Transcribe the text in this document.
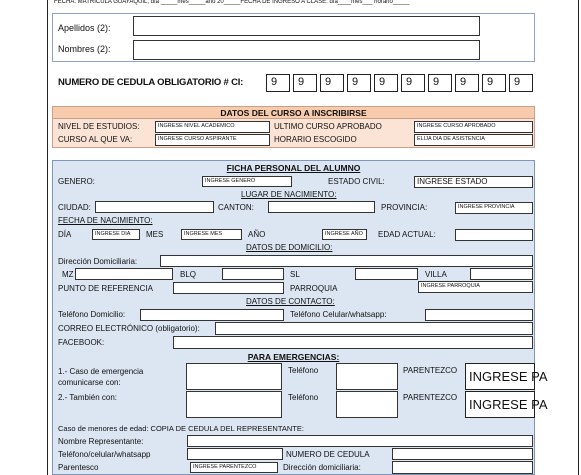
FECHA: MATRICULA GUAYAQUIL, día _____mes_____año 20_____FECHA DE INGRESO A CLASE: día____mes___ horario_____
Apellidos (2):
Nombres (2):
NUMERO DE CEDULA OBLIGATORIO # CI:	9	9	9	9	9	9	9	9	9	9
DATOS DEL CURSO A INSCRIBIRSE
NIVEL DE ESTUDIOS:	INGRESE NIVEL ACADEMICO	ULTIMO CURSO APROBADO	INGRESE CURSO APROBADO
CURSO AL QUE VA:	INGRESE CURSO ASPIRANTE	HORARIO ESCOGIDO	ELIJA DIA DE ASISTENCIA
FICHA PERSONAL DEL ALUMNO
GENERO:	INGRESE GENERO	ESTADO CIVIL:	INGRESE ESTADO
LUGAR DE NACIMIENTO:
CIUDAD:	CANTON:	PROVINCIA:	INGRESE PROVINCIA
FECHA DE NACIMIENTO:
DÍA	INGRESE DIA	MES	INGRESE MES	AÑO	INGRESE AÑO	EDAD ACTUAL:
DATOS DE DOMICILIO:
Dirección Domiciliaria:
MZ	BLQ	SL	VILLA
PUNTO DE REFERENCIA	PARROQUIA	INGRESE PARROQUIA
DATOS DE CONTACTO:
Teléfono Domicilio:	Teléfono Celular/whatsapp:
CORREO ELECTRÓNICO (obligatorio):
FACEBOOK:
PARA EMERGENCIAS:
1.- Caso de emergencia comunicarse con:
Teléfono	PARENTEZCO INGRESE PA
2.- También con:	Teléfono	PARENTEZCO INGRESE PA
Caso de menores de edad: COPIA DE CEDULA DEL REPRESENTANTE:
Nombre Representante:
Teléfono/celular/whatsapp	NUMERO DE CEDULA
Parentesco	INGRESE PARENTEZCO	Dirección domiciliaria:
